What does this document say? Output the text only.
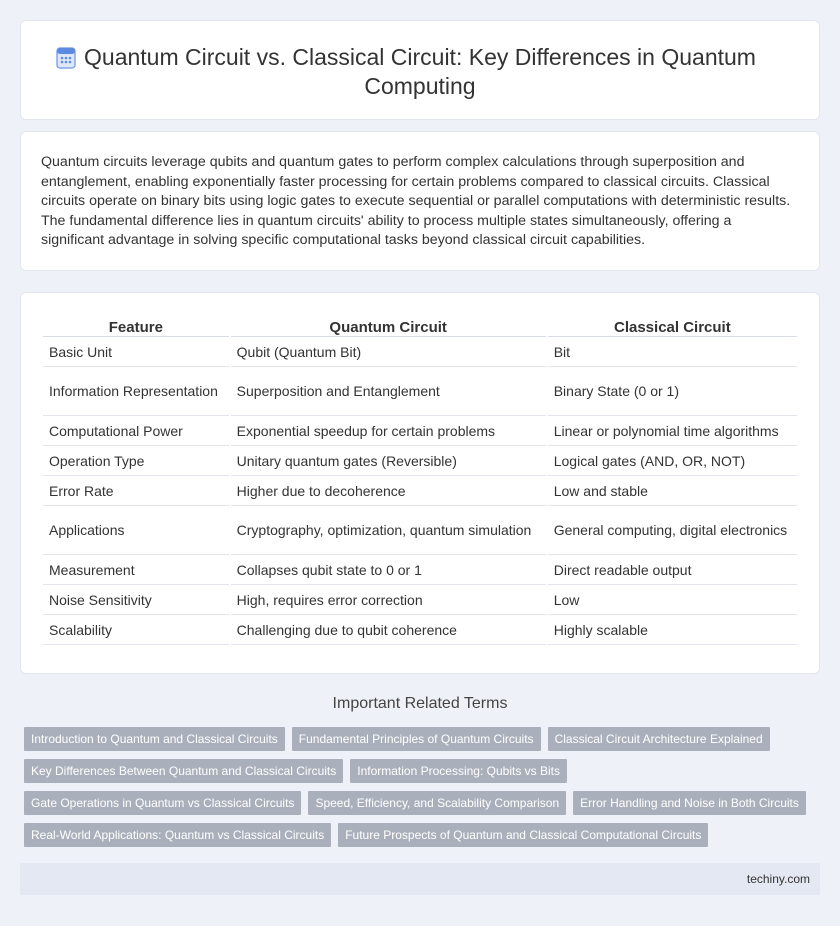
Quantum Circuit vs. Classical Circuit: Key Differences in Quantum Computing

Quantum circuits leverage qubits and quantum gates to perform complex calculations through superposition and entanglement, enabling exponentially faster processing for certain problems compared to classical circuits. Classical circuits operate on binary bits using logic gates to execute sequential or parallel computations with deterministic results. The fundamental difference lies in quantum circuits' ability to process multiple states simultaneously, offering a significant advantage in solving specific computational tasks beyond classical circuit capabilities.

Feature	Quantum Circuit	Classical Circuit
Basic Unit	Qubit (Quantum Bit)	Bit
Information Representation	Superposition and Entanglement	Binary State (0 or 1)
Computational Power	Exponential speedup for certain problems	Linear or polynomial time algorithms
Operation Type	Unitary quantum gates (Reversible)	Logical gates (AND, OR, NOT)
Error Rate	Higher due to decoherence	Low and stable
Applications	Cryptography, optimization, quantum simulation	General computing, digital electronics
Measurement	Collapses qubit state to 0 or 1	Direct readable output
Noise Sensitivity	High, requires error correction	Low
Scalability	Challenging due to qubit coherence	Highly scalable
Important Related Terms
Introduction to Quantum and Classical Circuits	Fundamental Principles of Quantum Circuits	Classical Circuit Architecture Explained
Key Differences Between Quantum and Classical Circuits	Information Processing: Qubits vs Bits
Gate Operations in Quantum vs Classical Circuits	Speed, Efficiency, and Scalability Comparison	Error Handling and Noise in Both Circuits
Real-World Applications: Quantum vs Classical Circuits	Future Prospects of Quantum and Classical Computational Circuits
techiny.com
